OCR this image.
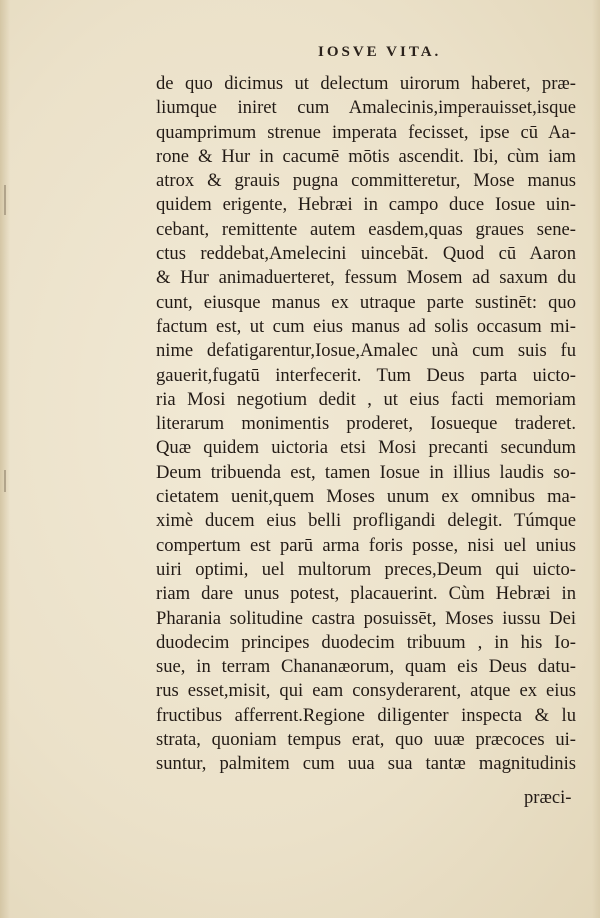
IOSVE VITA.
de quo dicimus ut delectum uirorum haberet, præ-
liumque iniret cum Amalecinis,imperauisset,isque
quamprimum strenue imperata fecisset, ipse cū Aa-
rone & Hur in cacumē mōtis ascendit. Ibi, cùm iam
atrox & grauis pugna committeretur, Mose manus
quidem erigente, Hebræi in campo duce Iosue uin-
cebant, remittente autem easdem,quas graues sene-
ctus reddebat,Amelecini uincebāt. Quod cū Aaron
& Hur animaduerteret, fessum Mosem ad saxum du
cunt, eiusque manus ex utraque parte sustinēt: quo
factum est, ut cum eius manus ad solis occasum mi-
nime defatigarentur,Iosue,Amalec unà cum suis fu
gauerit,fugatū interfecerit. Tum Deus parta uicto-
ria Mosi negotium dedit , ut eius facti memoriam
literarum monimentis proderet, Iosueque traderet.
Quæ quidem uictoria etsi Mosi precanti secundum
Deum tribuenda est, tamen Iosue in illius laudis so-
cietatem uenit,quem Moses unum ex omnibus ma-
ximè ducem eius belli profligandi delegit. Túmque
compertum est parū arma foris posse, nisi uel unius
uiri optimi, uel multorum preces,Deum qui uicto-
riam dare unus potest, placauerint. Cùm Hebræi in
Pharania solitudine castra posuissēt, Moses iussu Dei
duodecim principes duodecim tribuum , in his Io-
sue, in terram Chananæorum, quam eis Deus datu-
rus esset,misit, qui eam consyderarent, atque ex eius
fructibus afferrent.Regione diligenter inspecta & lu
strata, quoniam tempus erat, quo uuæ præcoces ui-
suntur, palmitem cum uua sua tantæ magnitudinis
præci-
